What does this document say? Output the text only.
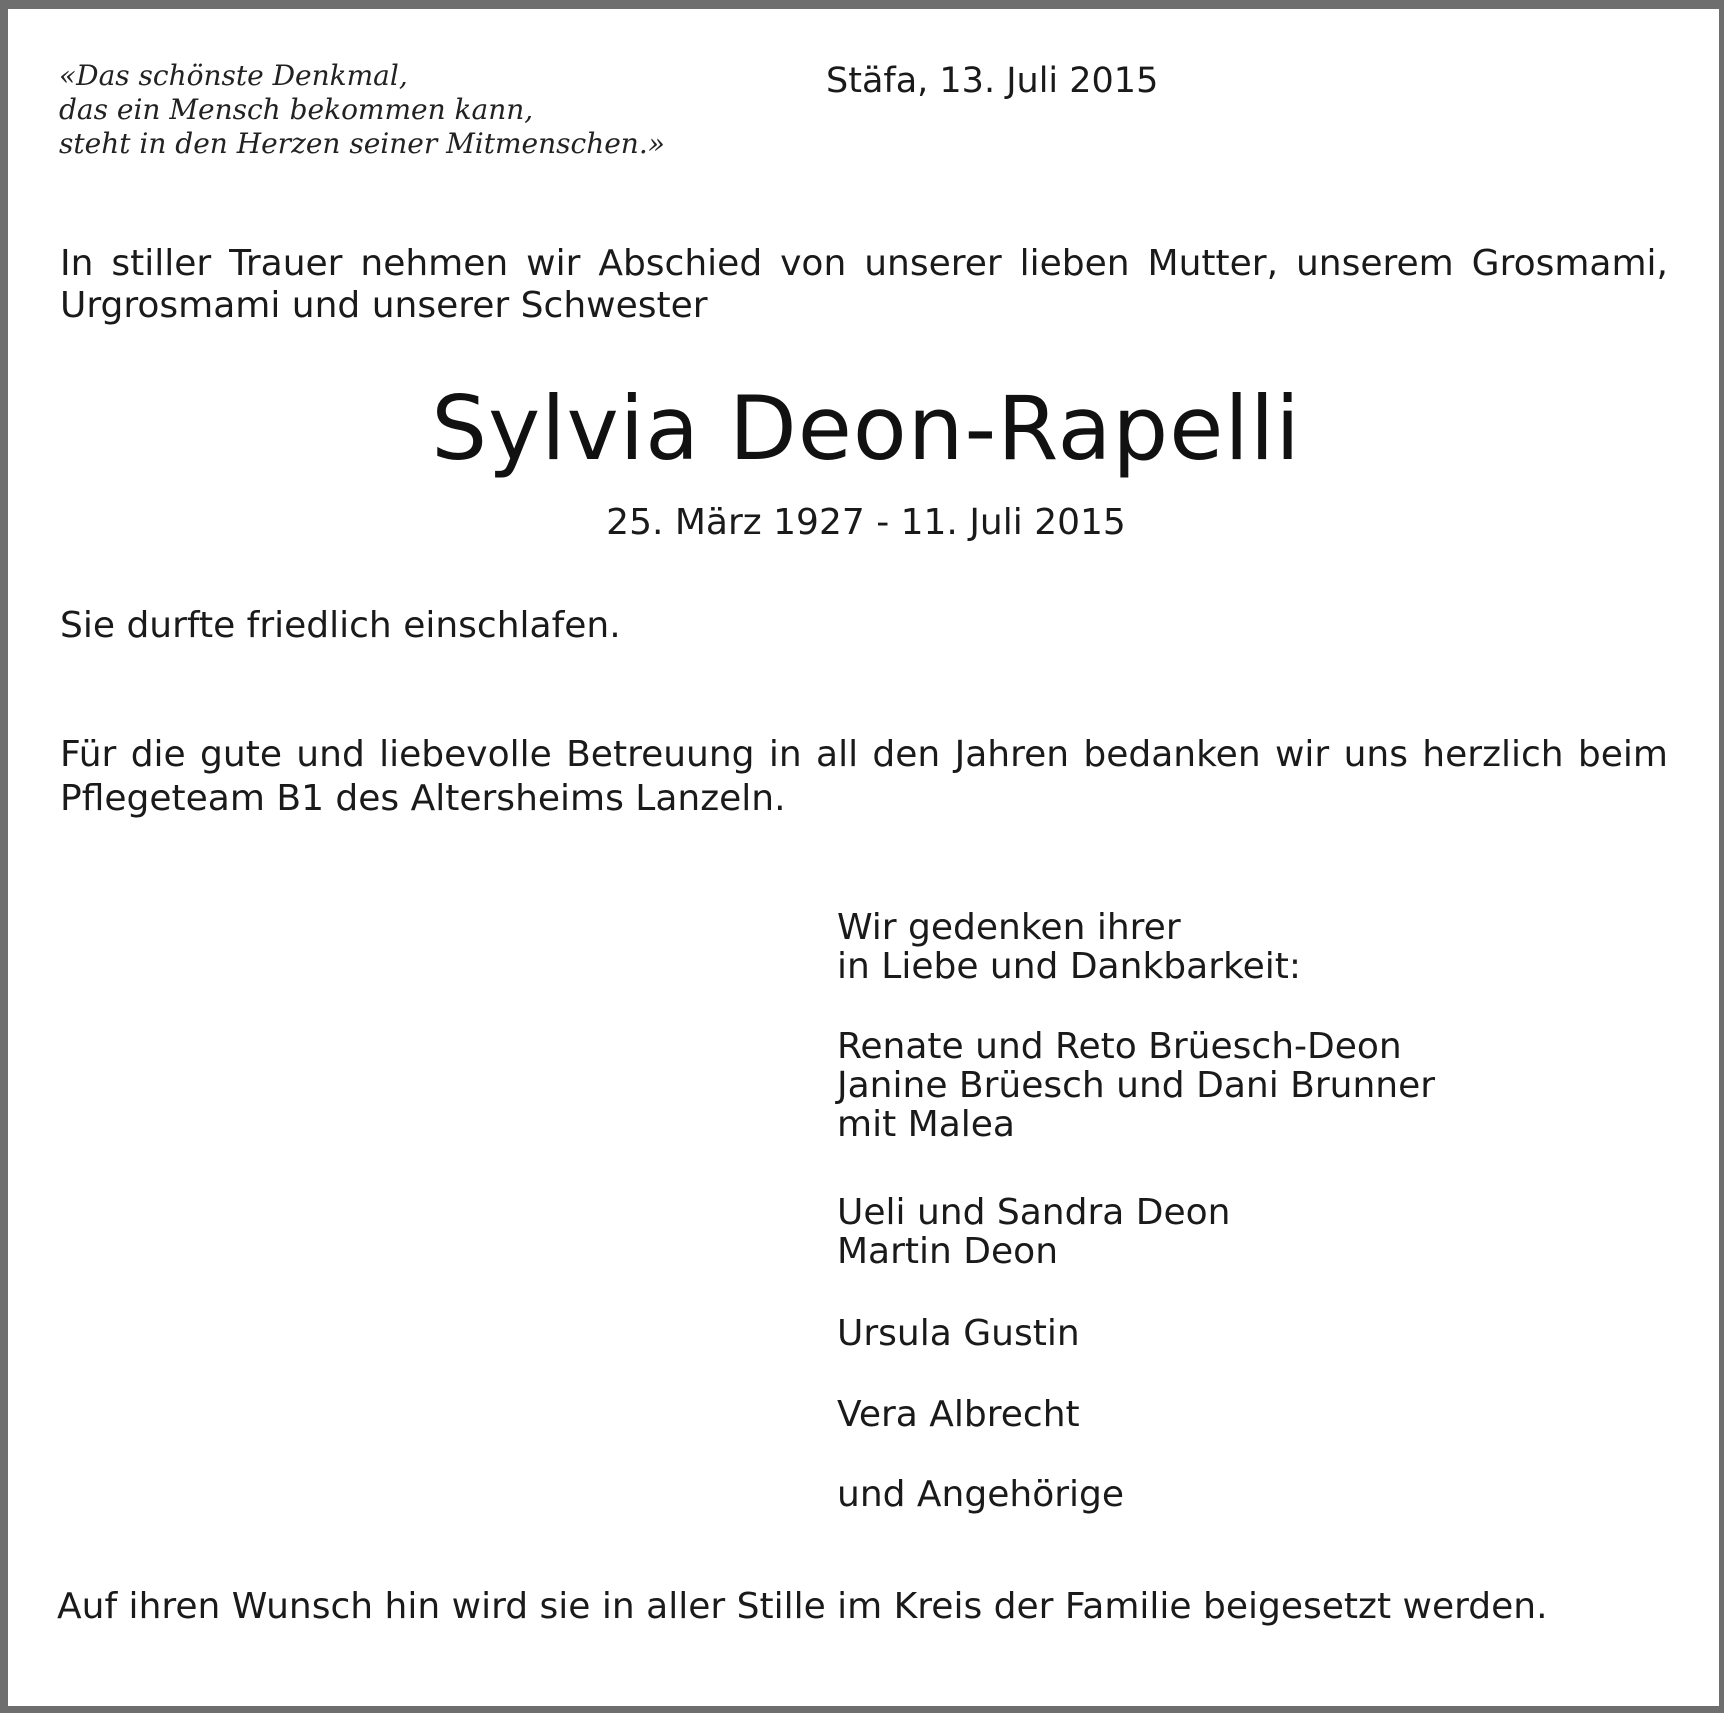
«Das schönste Denkmal,
das ein Mensch bekommen kann,
steht in den Herzen seiner Mitmenschen.»
Stäfa, 13. Juli 2015
In stiller Trauer nehmen wir Abschied von unserer lieben Mutter, unserem Grosmami, Urgrosmami und unserer Schwester
Sylvia Deon-Rapelli
25. März 1927 - 11. Juli 2015
Sie durfte friedlich einschlafen.
Für die gute und liebevolle Betreuung in all den Jahren bedanken wir uns herzlich beim Pflegeteam B1 des Altersheims Lanzeln.
Wir gedenken ihrer
in Liebe und Dankbarkeit:
Renate und Reto Brüesch-Deon
Janine Brüesch und Dani Brunner
mit Malea
Ueli und Sandra Deon
Martin Deon
Ursula Gustin
Vera Albrecht
und Angehörige
Auf ihren Wunsch hin wird sie in aller Stille im Kreis der Familie beigesetzt werden.
